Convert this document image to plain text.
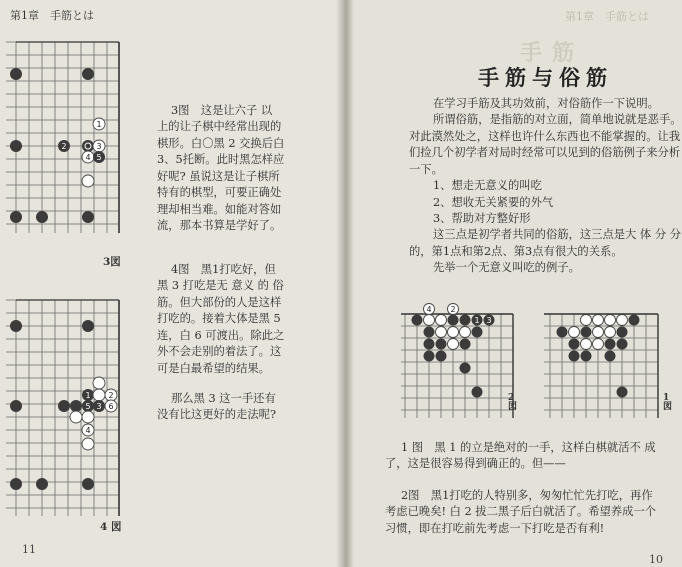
第1章　手筋とは

1
2	3
4 5

3図

3图　这是让六子 以

上的让子棋中经常出现的

棋形。白〇黑 2 交换后白

3、5托断。此时黑怎样应

好呢? 虽说这是让子棋所

特有的棋型，可要正确处

理却相当难。如能对答如

流，那本书算是学好了。

1 2
3
4
5 6

4 図

4图　黑1打吃好，但

黑 3 打吃是无 意义 的 俗

筋。但大部份的人是这样

打吃的。接着大体是黑 5

连，白 6 可渡出。除此之

外不会走别的着法了。这

可是白最希望的结果。

那么黑 3 这一手还有

没有比这更好的走法呢?

11

第1章　手筋とは

手筋

手筋与俗筋

在学习手筋及其功效前，对俗筋作一下说明。

所谓俗筋，是指筋的对立面，简单地说就是恶手。

对此漠然处之，这样也许什么东西也不能掌握的。让我

们捡几个初学者对局时经常可以见到的俗筋例子来分析

一下。

1、想走无意义的叫吃

2、想收无关紧要的外气

3、帮助对方整好形

这三点是初学者共同的俗筋，这三点是大 体 分 分

的，第1点和第2点、第3点有很大的关系。

先举一个无意义叫吃的例子。

4 2
1 3

2
図

1
図

1 图　黑 1 的立是绝对的一手，这样白棋就活不 成

了，这是很容易得到确正的。但——

2图　黑1打吃的人特别多，匆匆忙忙先打吃，再作

考虑已晚矣! 白 2 拔二黑子后白就活了。希望养成一个

习惯，即在打吃前先考虑一下打吃是否有利!

10
